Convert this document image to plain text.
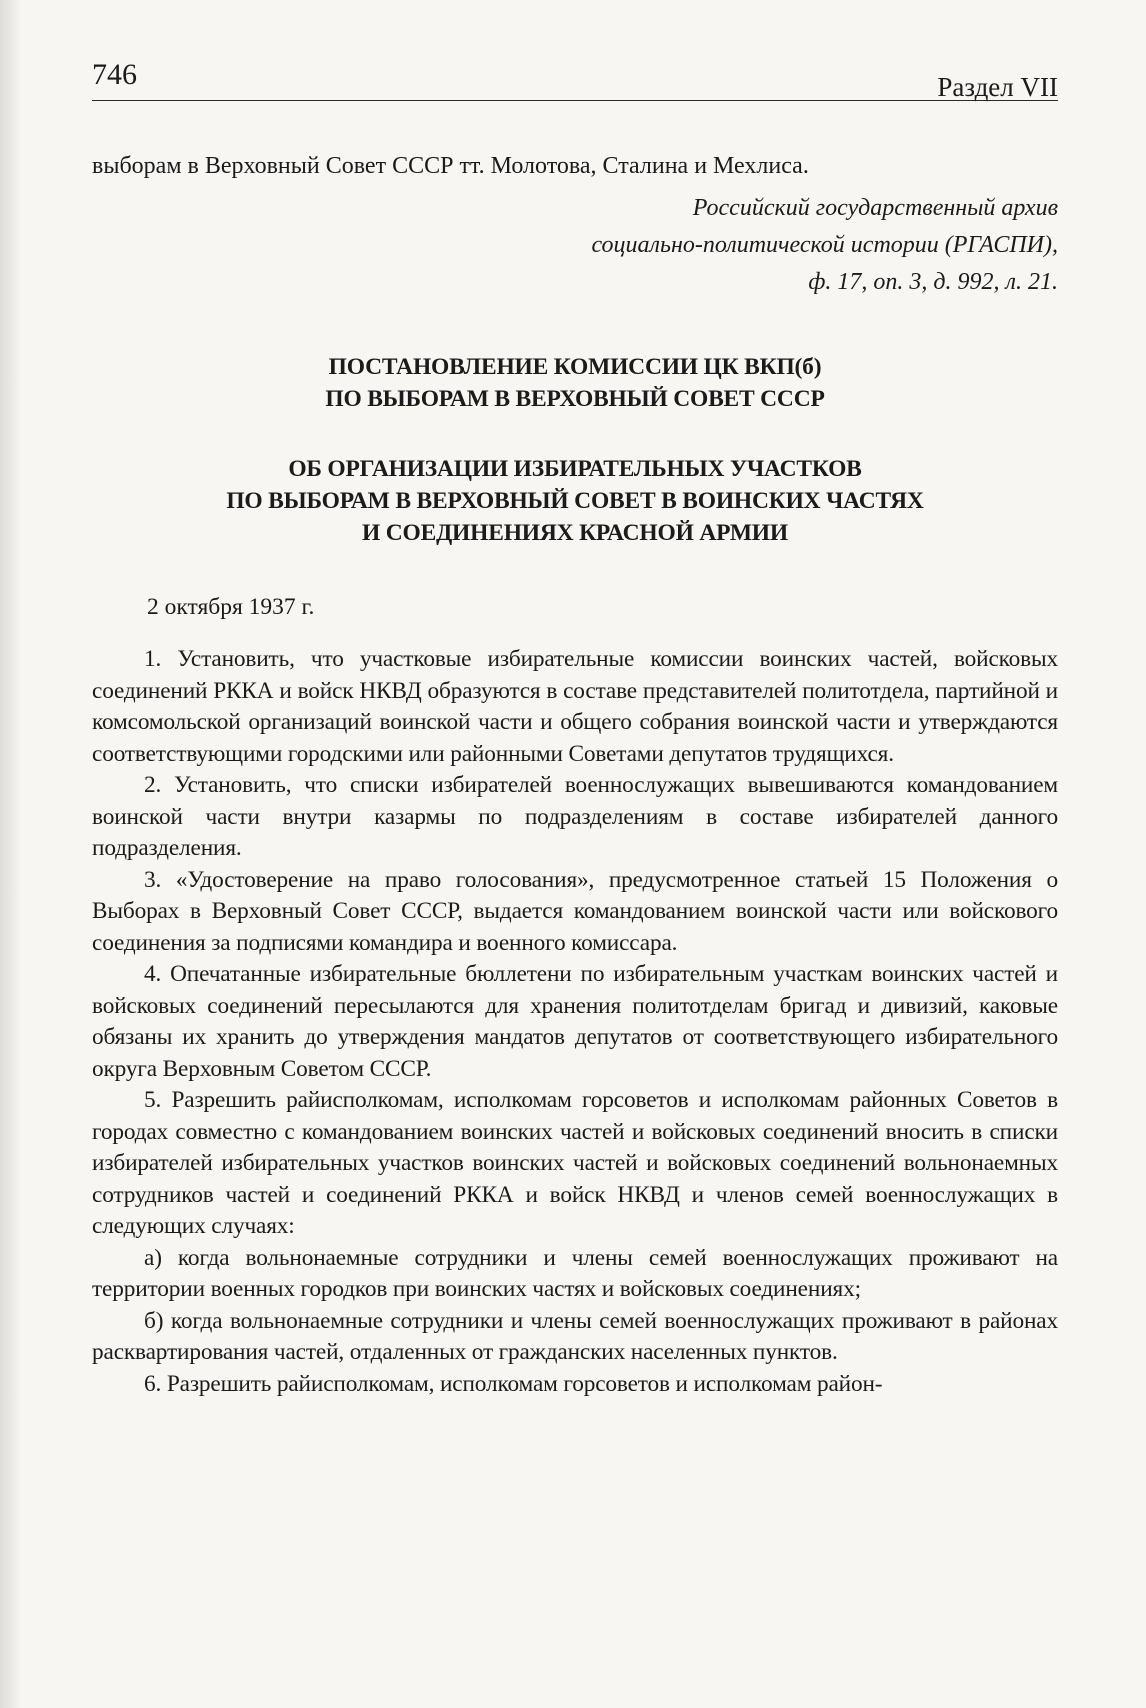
746	Раздел VII
выборам в Верховный Совет СССР тт. Молотова, Сталина и Мехлиса.
Российский государственный архив
социально-политической истории (РГАСПИ),
ф. 17, оп. 3, д. 992, л. 21.
ПОСТАНОВЛЕНИЕ КОМИССИИ ЦК ВКП(б)
ПО ВЫБОРАМ В ВЕРХОВНЫЙ СОВЕТ СССР
ОБ ОРГАНИЗАЦИИ ИЗБИРАТЕЛЬНЫХ УЧАСТКОВ
ПО ВЫБОРАМ В ВЕРХОВНЫЙ СОВЕТ В ВОИНСКИХ ЧАСТЯХ
И СОЕДИНЕНИЯХ КРАСНОЙ АРМИИ
2 октября 1937 г.

1. Установить, что участковые избирательные комиссии воинских частей, войсковых соединений РККА и войск НКВД образуются в составе представителей политотдела, партийной и комсомольской организаций воинской части и общего собрания воинской части и утверждаются соответствующими городскими или районными Советами депутатов трудящихся.

2. Установить, что списки избирателей военнослужащих вывешиваются командованием воинской части внутри казармы по подразделениям в составе избирателей данного подразделения.

3. «Удостоверение на право голосования», предусмотренное статьей 15 Положения о Выборах в Верховный Совет СССР, выдается командованием воинской части или войскового соединения за подписями командира и военного комиссара.

4. Опечатанные избирательные бюллетени по избирательным участкам воинских частей и войсковых соединений пересылаются для хранения политотделам бригад и дивизий, каковые обязаны их хранить до утверждения мандатов депутатов от соответствующего избирательного округа Верховным Советом СССР.

5. Разрешить райисполкомам, исполкомам горсоветов и исполкомам районных Советов в городах совместно с командованием воинских частей и войсковых соединений вносить в списки избирателей избирательных участков воинских частей и войсковых соединений вольнонаемных сотрудников частей и соединений РККА и войск НКВД и членов семей военнослужащих в следующих случаях:

а) когда вольнонаемные сотрудники и члены семей военнослужащих проживают на территории военных городков при воинских частях и войсковых соединениях;

б) когда вольнонаемные сотрудники и члены семей военнослужащих проживают в районах расквартирования частей, отдаленных от гражданских населенных пунктов.

6. Разрешить райисполкомам, исполкомам горсоветов и исполкомам район-
